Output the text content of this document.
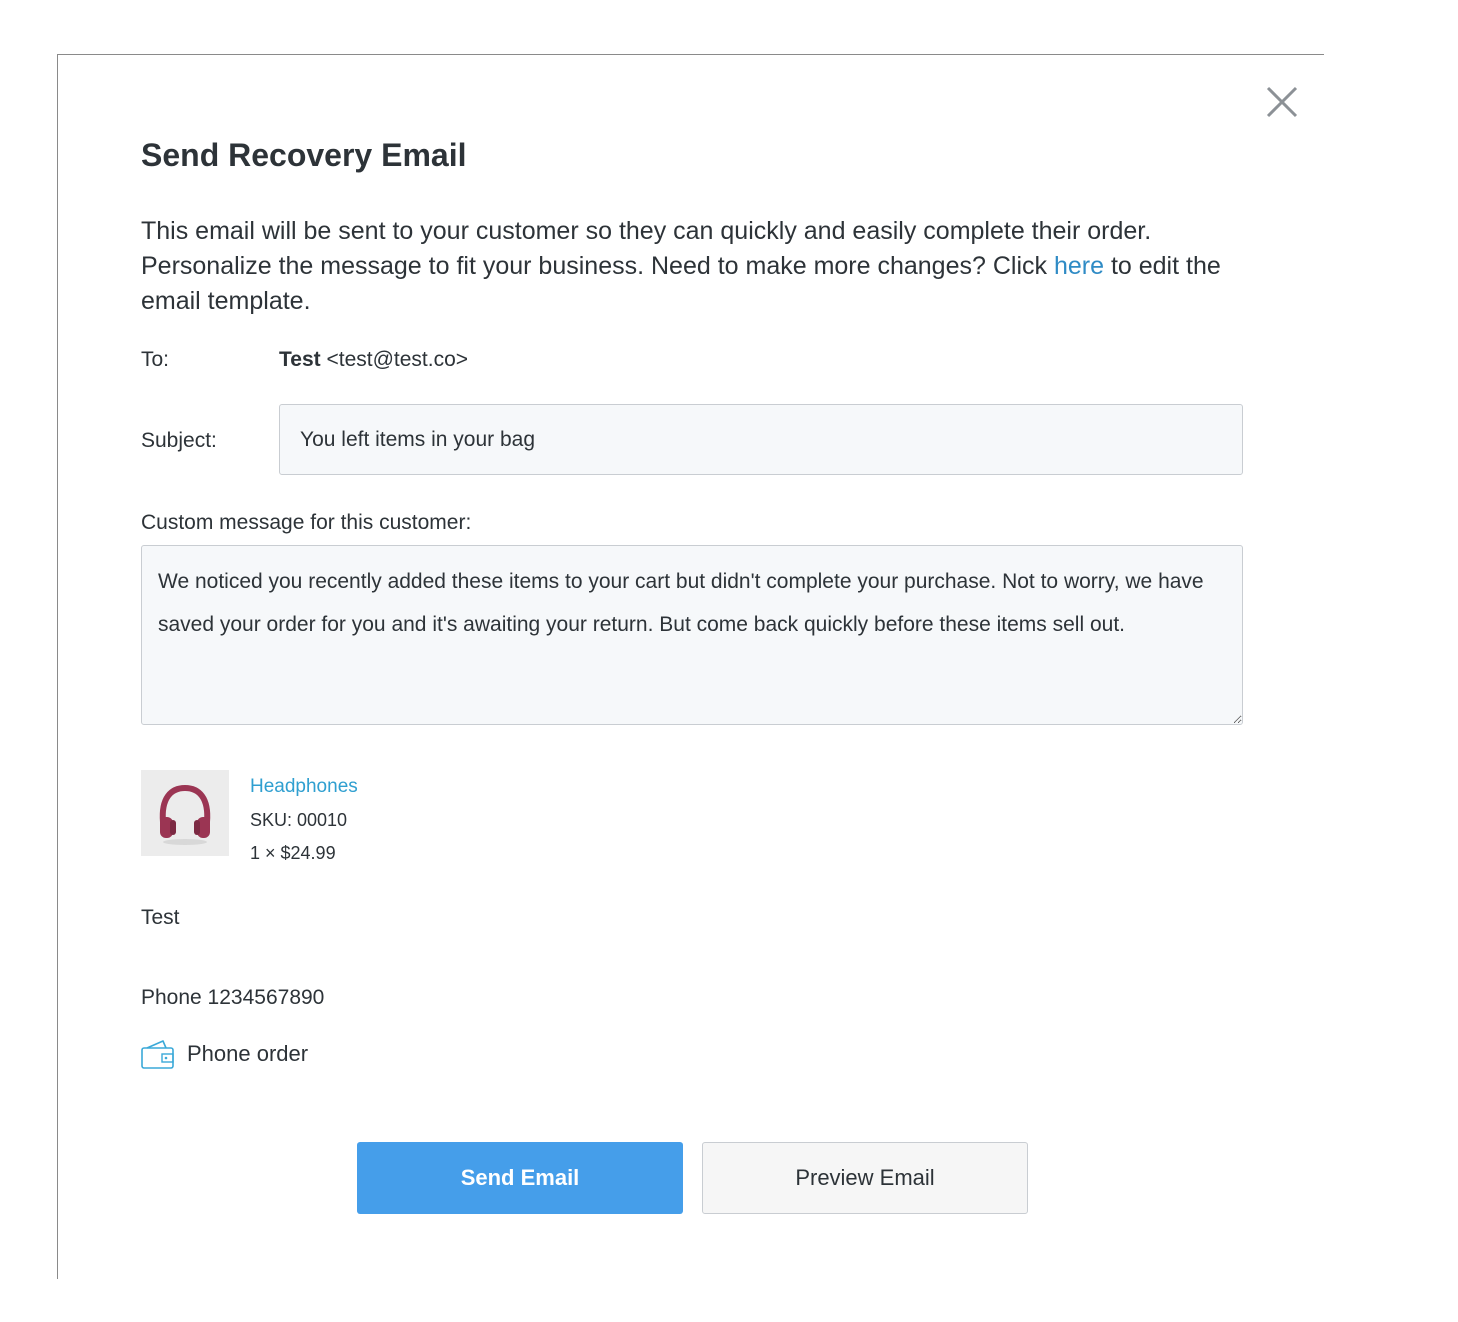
Send Recovery Email
This email will be sent to your customer so they can quickly and easily complete their order. Personalize the message to fit your business. Need to make more changes? Click here to edit the email template.
To:	Test <test@test.co>
Subject:
You left items in your bag
Custom message for this customer:
We noticed you recently added these items to your cart but didn't complete your purchase. Not to worry, we have saved your order for you and it's awaiting your return. But come back quickly before these items sell out.
Headphones
SKU: 00010
1 × $24.99
Test
Phone 1234567890
Phone order
Send Email	Preview Email
